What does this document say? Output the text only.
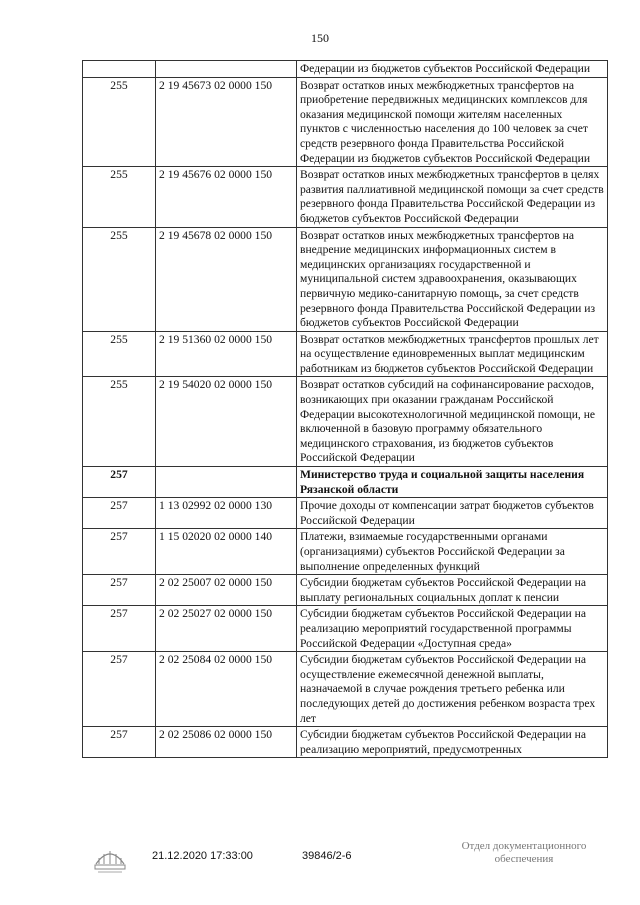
150
		Федерации из бюджетов субъектов Российской Федерации
255	2 19 45673 02 0000 150	Возврат остатков иных межбюджетных трансфертов на приобретение передвижных медицинских комплексов для оказания медицинской помощи жителям населенных пунктов с численностью населения до 100 человек за счет средств резервного фонда Правительства Российской Федерации из бюджетов субъектов Российской Федерации
255	2 19 45676 02 0000 150	Возврат остатков иных межбюджетных трансфертов в целях развития паллиативной медицинской помощи за счет средств резервного фонда Правительства Российской Федерации из бюджетов субъектов Российской Федерации
255	2 19 45678 02 0000 150	Возврат остатков иных межбюджетных трансфертов на внедрение медицинских информационных систем в медицинских организациях государственной и муниципальной систем здравоохранения, оказывающих первичную медико-санитарную помощь, за счет средств резервного фонда Правительства Российской Федерации из бюджетов субъектов Российской Федерации
255	2 19 51360 02 0000 150	Возврат остатков межбюджетных трансфертов прошлых лет на осуществление единовременных выплат медицинским работникам из бюджетов субъектов Российской Федерации
255	2 19 54020 02 0000 150	Возврат остатков субсидий на софинансирование расходов, возникающих при оказании гражданам Российской Федерации высокотехнологичной медицинской помощи, не включенной в базовую программу обязательного медицинского страхования, из бюджетов субъектов Российской Федерации
257		Министерство труда и социальной защиты населения Рязанской области
257	1 13 02992 02 0000 130	Прочие доходы от компенсации затрат бюджетов субъектов Российской Федерации
257	1 15 02020 02 0000 140	Платежи, взимаемые государственными органами (организациями) субъектов Российской Федерации за выполнение определенных функций
257	2 02 25007 02 0000 150	Субсидии бюджетам субъектов Российской Федерации на выплату региональных социальных доплат к пенсии
257	2 02 25027 02 0000 150	Субсидии бюджетам субъектов Российской Федерации на реализацию мероприятий государственной программы Российской Федерации «Доступная среда»
257	2 02 25084 02 0000 150	Субсидии бюджетам субъектов Российской Федерации на осуществление ежемесячной денежной выплаты, назначаемой в случае рождения третьего ребенка или последующих детей до достижения ребенком возраста трех лет
257	2 02 25086 02 0000 150	Субсидии бюджетам субъектов Российской Федерации на реализацию мероприятий, предусмотренных
21.12.2020 17:33:00	39846/2-6
Отдел документационного
обеспечения
